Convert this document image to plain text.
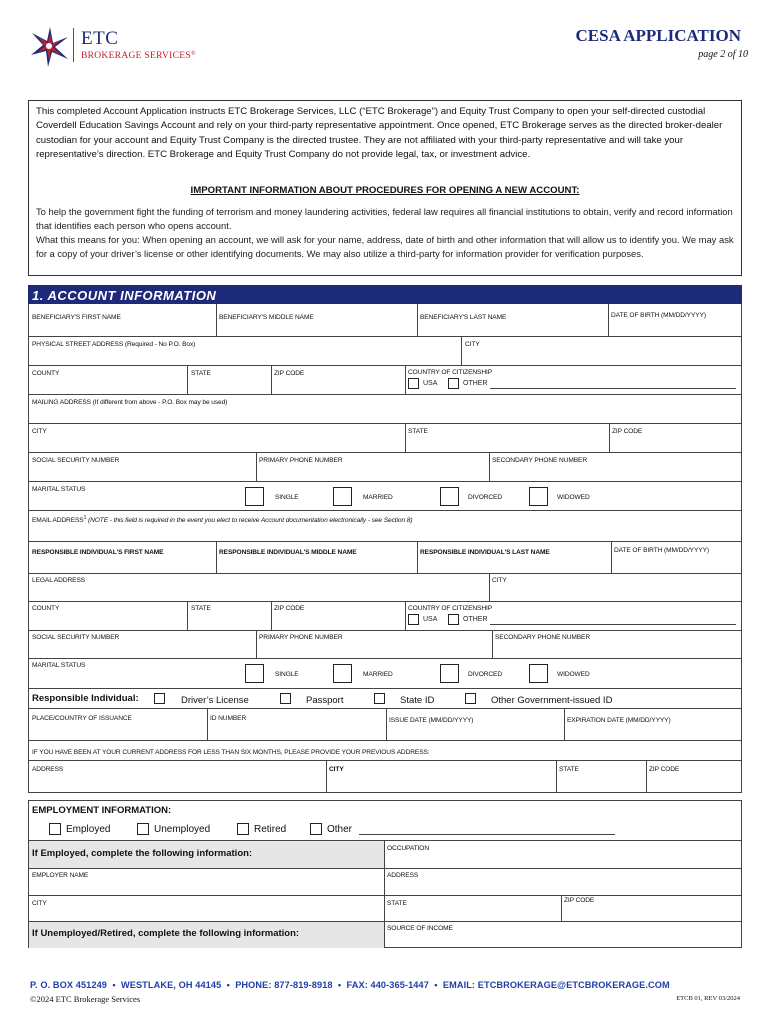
ETC
BROKERAGE SERVICES®
CESA APPLICATION
page 2 of 10
This completed Account Application instructs ETC Brokerage Services, LLC (“ETC Brokerage”) and Equity Trust Company to open your self-directed custodial Coverdell Education Savings Account and rely on your third-party representative appointment. Once opened, ETC Brokerage serves as the directed broker-dealer custodian for your account and Equity Trust Company is the directed trustee. They are not affiliated with your third-party representative and will take your representative’s direction. ETC Brokerage and Equity Trust Company do not provide legal, tax, or investment advice.
IMPORTANT INFORMATION ABOUT PROCEDURES FOR OPENING A NEW ACCOUNT:
To help the government fight the funding of terrorism and money laundering activities, federal law requires all financial institutions to obtain, verify and record information that identifies each person who opens account.
What this means for you: When opening an account, we will ask for your name, address, date of birth and other information that will allow us to identify you. We may ask for a copy of your driver’s license or other identifying documents. We may also utilize a third-party for information provider for verification purposes.
1. ACCOUNT INFORMATION
BENEFICIARY'S FIRST NAME	BENEFICIARY'S MIDDLE NAME	BENEFICIARY'S LAST NAME	DATE OF BIRTH (MM/DD/YYYY)
PHYSICAL STREET ADDRESS (Required - No P.O. Box)	CITY
COUNTY	STATE	ZIP CODE	COUNTRY OF CITIZENSHIP
USA	OTHER
MAILING ADDRESS (If different from above - P.O. Box may be used)
CITY	STATE	ZIP CODE
SOCIAL SECURITY NUMBER	PRIMARY PHONE NUMBER	SECONDARY PHONE NUMBER
MARITAL STATUS
SINGLE	MARRIED	DIVORCED	WIDOWED
EMAIL ADDRESS$^1$ (NOTE - this field is required in the event you elect to receive Account documentation electronically - see Section 8)
RESPONSIBLE INDIVIDUAL'S FIRST NAME	RESPONSIBLE INDIVIDUAL'S MIDDLE NAME	RESPONSIBLE INDIVIDUAL'S LAST NAME	DATE OF BIRTH (MM/DD/YYYY)
LEGAL ADDRESS	CITY
COUNTY	STATE	ZIP CODE	COUNTRY OF CITIZENSHIP
USA	OTHER
SOCIAL SECURITY NUMBER	PRIMARY PHONE NUMBER	SECONDARY PHONE NUMBER
MARITAL STATUS
SINGLE	MARRIED	DIVORCED	WIDOWED
Responsible Individual:	Driver’s License	Passport	State ID	Other Government-issued ID
PLACE/COUNTRY OF ISSUANCE	ID NUMBER	ISSUE DATE (MM/DD/YYYY)	EXPIRATION DATE (MM/DD/YYYY)
IF YOU HAVE BEEN AT YOUR CURRENT ADDRESS FOR LESS THAN SIX MONTHS, PLEASE PROVIDE YOUR PREVIOUS ADDRESS:
ADDRESS	CITY	STATE	ZIP CODE
EMPLOYMENT INFORMATION:
Employed	Unemployed	Retired	Other
If Employed, complete the following information:	OCCUPATION
EMPLOYER NAME	ADDRESS
CITY	STATE	ZIP CODE
If Unemployed/Retired, complete the following information:	SOURCE OF INCOME
P. O. BOX 451249  •  WESTLAKE, OH 44145  •  PHONE: 877-819-8918  •  FAX: 440-365-1447  •  EMAIL: ETCBROKERAGE@ETCBROKERAGE.COM
©2024 ETC Brokerage Services	ETCB 01, REV 03/2024
